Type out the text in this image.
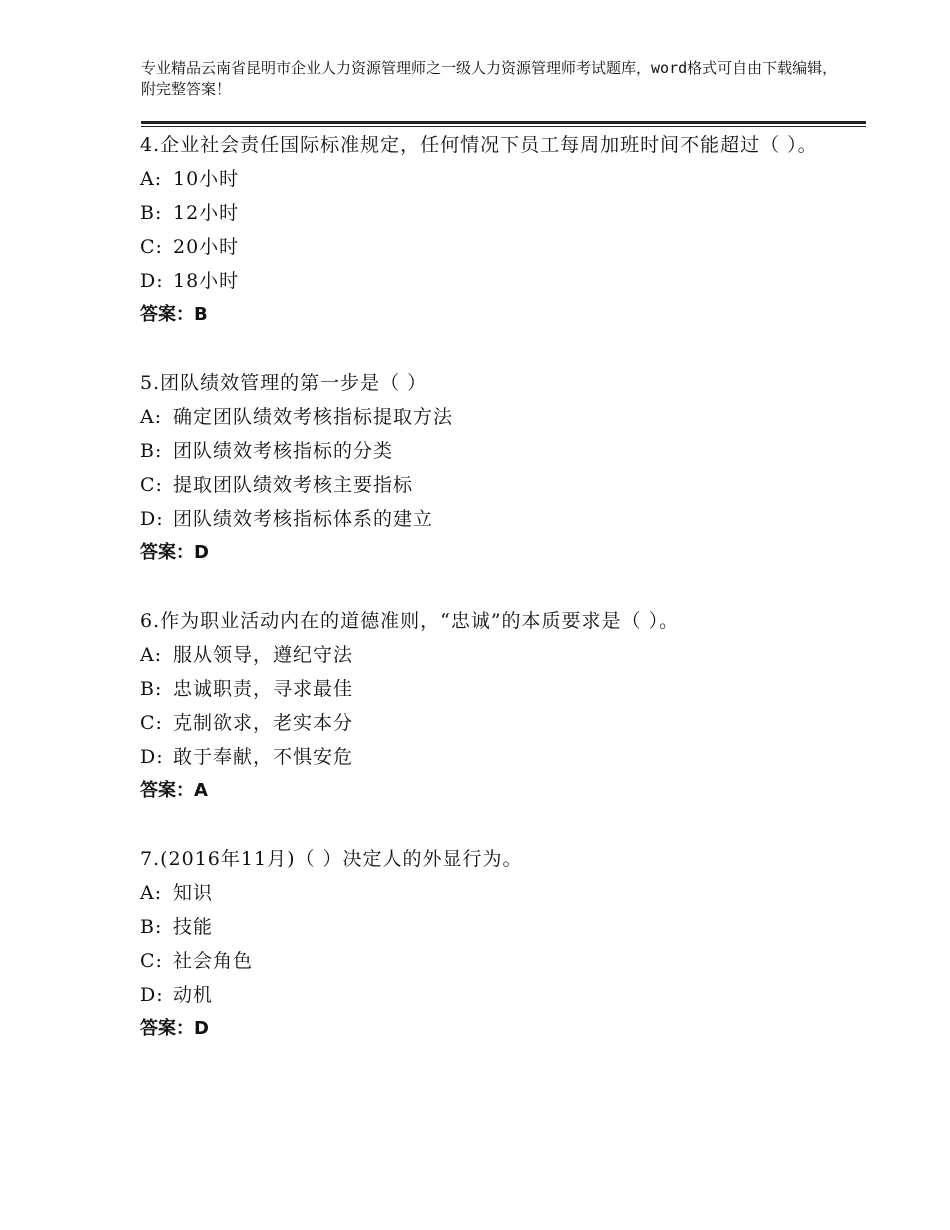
专业精品云南省昆明市企业人力资源管理师之一级人力资源管理师考试题库，word格式可自由下载编辑，附完整答案！

4.企业社会责任国际标准规定，任何情况下员工每周加班时间不能超过（ ）。

A: 10小时

B: 12小时

C: 20小时

D: 18小时

答案：B

5.团队绩效管理的第一步是（ ）

A: 确定团队绩效考核指标提取方法

B: 团队绩效考核指标的分类

C: 提取团队绩效考核主要指标

D: 团队绩效考核指标体系的建立

答案：D

6.作为职业活动内在的道德准则，“忠诚”的本质要求是（ ）。

A: 服从领导，遵纪守法

B: 忠诚职责，寻求最佳

C: 克制欲求，老实本分

D: 敢于奉献，不惧安危

答案：A

7.(2016年11月)（ ）决定人的外显行为。

A: 知识

B: 技能

C: 社会角色

D: 动机

答案：D
